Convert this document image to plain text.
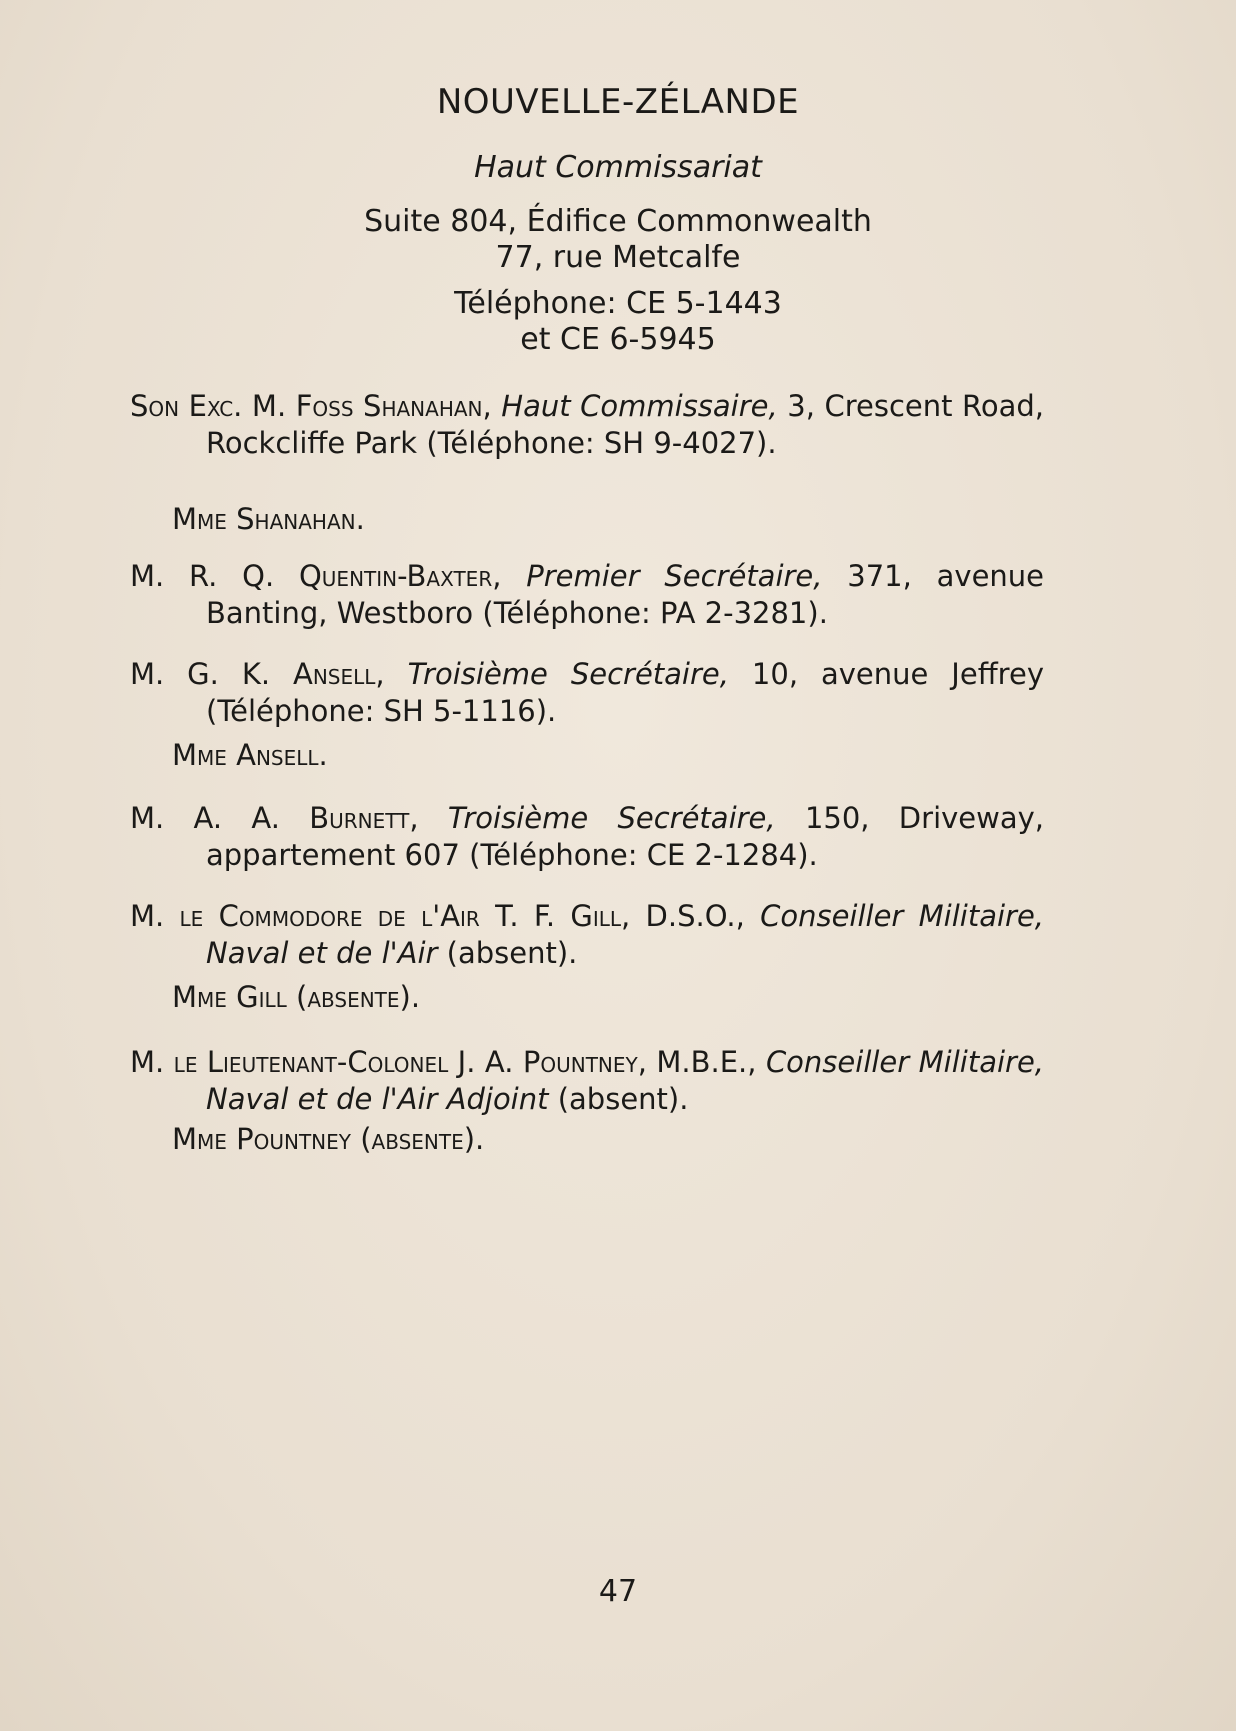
NOUVELLE-ZÉLANDE
Haut Commissariat
Suite 804, Édifice Commonwealth
77, rue Metcalfe
Téléphone: CE 5-1443
et CE 6-5945
Son Exc. M. Foss Shanahan, Haut Commissaire, 3, Crescent Road, Rockcliffe Park (Téléphone: SH 9-4027).
Mme Shanahan.
M. R. Q. Quentin-Baxter, Premier Secrétaire, 371, avenue Banting, Westboro (Téléphone: PA 2-3281).
M. G. K. Ansell, Troisième Secrétaire, 10, avenue Jeffrey (Téléphone: SH 5-1116).
Mme Ansell.
M. A. A. Burnett, Troisième Secrétaire, 150, Driveway, appartement 607 (Téléphone: CE 2-1284).
M. le Commodore de l'Air T. F. Gill, D.S.O., Conseiller Militaire, Naval et de l'Air (absent).
Mme Gill (absente).
M. le Lieutenant-Colonel J. A. Pountney, M.B.E., Conseiller Militaire, Naval et de l'Air Adjoint (absent).
Mme Pountney (absente).
47
